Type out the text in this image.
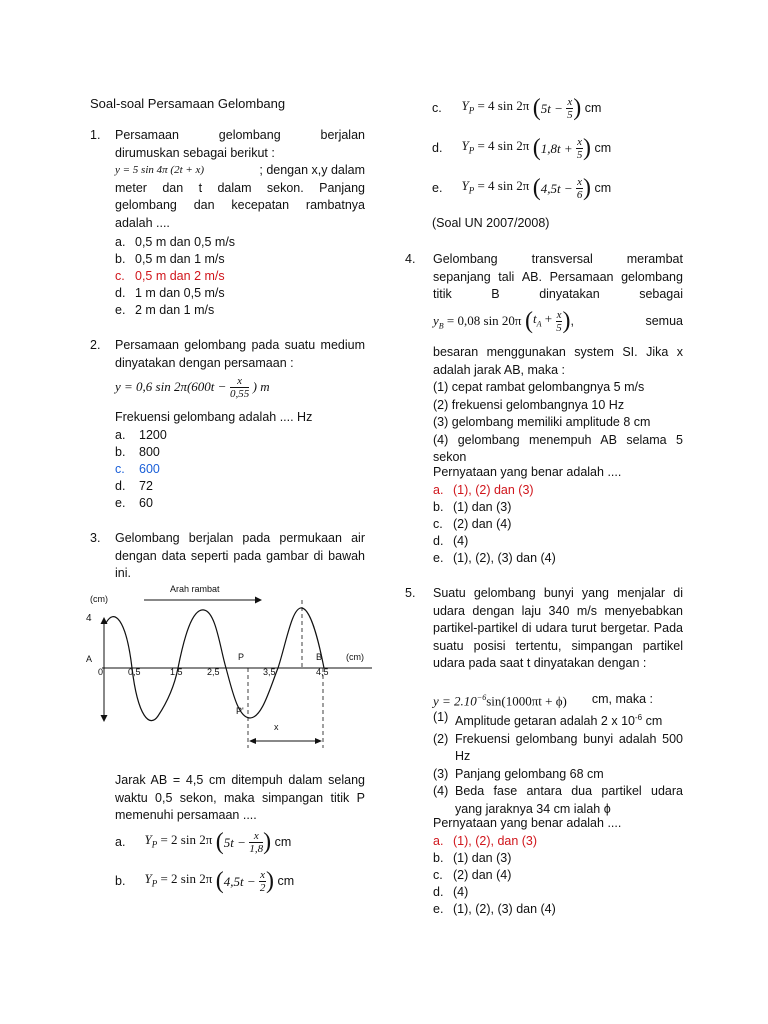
Soal-soal Persamaan Gelombang
1. Persamaan	gelombang	berjalan
dirumuskan sebagai berikut :
y = 5 sin 4π (2t + x)	; dengan x,y dalam
meter dan t dalam sekon. Panjang gelombang dan kecepatan rambatnya adalah ....
a. 0,5 m dan 0,5 m/s
b. 0,5 m dan 1 m/s
c. 0,5 m dan 2 m/s
d. 1 m dan 0,5 m/s
e. 2 m dan 1 m/s
2. Persamaan gelombang pada suatu medium dinyatakan dengan persamaan :
y = 0,6 $\sin 2\pi(600t - \frac{x}{0,55}$ ) m
Frekuensi gelombang adalah .... Hz
a. 1200
b. 800
c. 600
d. 72
e. 60
3. Gelombang berjalan pada permukaan air dengan data seperti pada gambar di bawah ini.
Arah rambat
(cm)
4
A	(cm)
0	0,5	1,5	2,5	3,5	4,5
P
P'
B
x
Jarak AB = 4,5 cm ditempuh dalam selang waktu 0,5 sekon, maka simpangan titik P memenuhi persamaan ....
a. $Y_P = 2$ sin 2π ($5t - \frac{x}{1,8}$ ) cm
b. $Y_P = 2$ sin 2π ($4,5t - \frac{x}{2}$ ) cm
c. $Y_P = 4$ sin 2π ($5t - \frac{x}{5}$ ) cm
d. $Y_P = 4$ sin 2π ($1,8t + \frac{x}{5}$ ) cm
e. $Y_P = 4$ sin 2π ($4,5t - \frac{x}{6}$ ) cm
(Soal UN 2007/2008)
4. Gelombang	transversal	merambat
sepanjang tali AB. Persamaan gelombang
titik	B	dinyatakan	sebagai
$y_B = 0,08$ sin 20π ($t_A + \frac{x}{5}$ ),	semua
besaran menggunakan system SI. Jika x adalah jarak AB, maka :
(1) cepat rambat gelombangnya 5 m/s
(2) frekuensi gelombangnya 10 Hz
(3) gelombang memiliki amplitude 8 cm
(4) gelombang menempuh AB selama 5 sekon
Pernyataan yang benar adalah ....
a. (1), (2) dan (3)
b. (1) dan (3)
c. (2) dan (4)
d. (4)
e. (1), (2), (3) dan (4)
5. Suatu gelombang bunyi yang menjalar di udara dengan laju 340 m/s menyebabkan partikel-partikel di udara turut bergetar. Pada suatu posisi tertentu, simpangan partikel udara pada saat t dinyatakan dengan :
$y = 2.10^{-6}\sin(1000\pi t + \phi)$ cm, maka :
(1) Amplitude getaran adalah 2 x $10^{-6}$ cm
(2) Frekuensi gelombang bunyi adalah 500 Hz
(3) Panjang gelombang 68 cm
(4) Beda fase antara dua partikel udara yang jaraknya 34 cm ialah ϕ
Pernyataan yang benar adalah ....
a. (1), (2), dan (3)
b. (1) dan (3)
c. (2) dan (4)
d. (4)
e. (1), (2), (3) dan (4)
